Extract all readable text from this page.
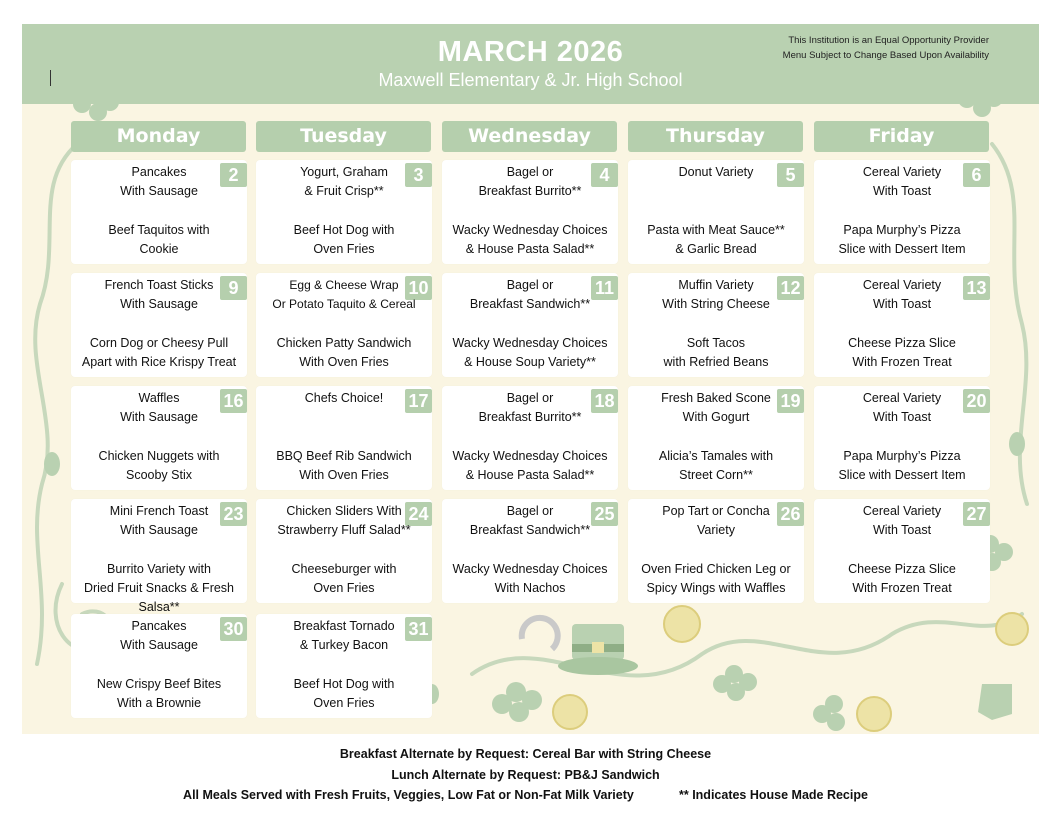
MARCH 2026
Maxwell Elementary & Jr. High School
This Institution is an Equal Opportunity Provider
Menu Subject to Change Based Upon Availability
Monday	Tuesday	Wednesday	Thursday	Friday
2
Pancakes
With Sausage
Beef Taquitos with
Cookie
3
Yogurt, Graham
& Fruit Crisp**
Beef Hot Dog with
Oven Fries
4
Bagel or
Breakfast Burrito**
Wacky Wednesday Choices
& House Pasta Salad**
5
Donut Variety
Pasta with Meat Sauce**
& Garlic Bread
6
Cereal Variety
With Toast
Papa Murphy’s Pizza
Slice with Dessert Item
9
French Toast Sticks
With Sausage
Corn Dog or Cheesy Pull
Apart with Rice Krispy Treat
10
Egg & Cheese Wrap
Or Potato Taquito & Cereal
Chicken Patty Sandwich
With Oven Fries
11
Bagel or
Breakfast Sandwich**
Wacky Wednesday Choices
& House Soup Variety**
12
Muffin Variety
With String Cheese
Soft Tacos
with Refried Beans
13
Cereal Variety
With Toast
Cheese Pizza Slice
With Frozen Treat
16
Waffles
With Sausage
Chicken Nuggets with
Scooby Stix
17
Chefs Choice!
BBQ Beef Rib Sandwich
With Oven Fries
18
Bagel or
Breakfast Burrito**
Wacky Wednesday Choices
& House Pasta Salad**
19
Fresh Baked Scone
With Gogurt
Alicia’s Tamales with
Street Corn**
20
Cereal Variety
With Toast
Papa Murphy’s Pizza
Slice with Dessert Item
23
Mini French Toast
With Sausage
Burrito Variety with
Dried Fruit Snacks & Fresh
Salsa**
24
Chicken Sliders With
Strawberry Fluff Salad**
Cheeseburger with
Oven Fries
25
Bagel or
Breakfast Sandwich**
Wacky Wednesday Choices
With Nachos
26
Pop Tart or Concha
Variety
Oven Fried Chicken Leg or
Spicy Wings with Waffles
27
Cereal Variety
With Toast
Cheese Pizza Slice
With Frozen Treat
30
Pancakes
With Sausage
New Crispy Beef Bites
With a Brownie
31
Breakfast Tornado
& Turkey Bacon
Beef Hot Dog with
Oven Fries
Breakfast Alternate by Request: Cereal Bar with String Cheese
Lunch Alternate by Request: PB&J Sandwich
All Meals Served with Fresh Fruits, Veggies, Low Fat or Non-Fat Milk Variety             ** Indicates House Made Recipe
